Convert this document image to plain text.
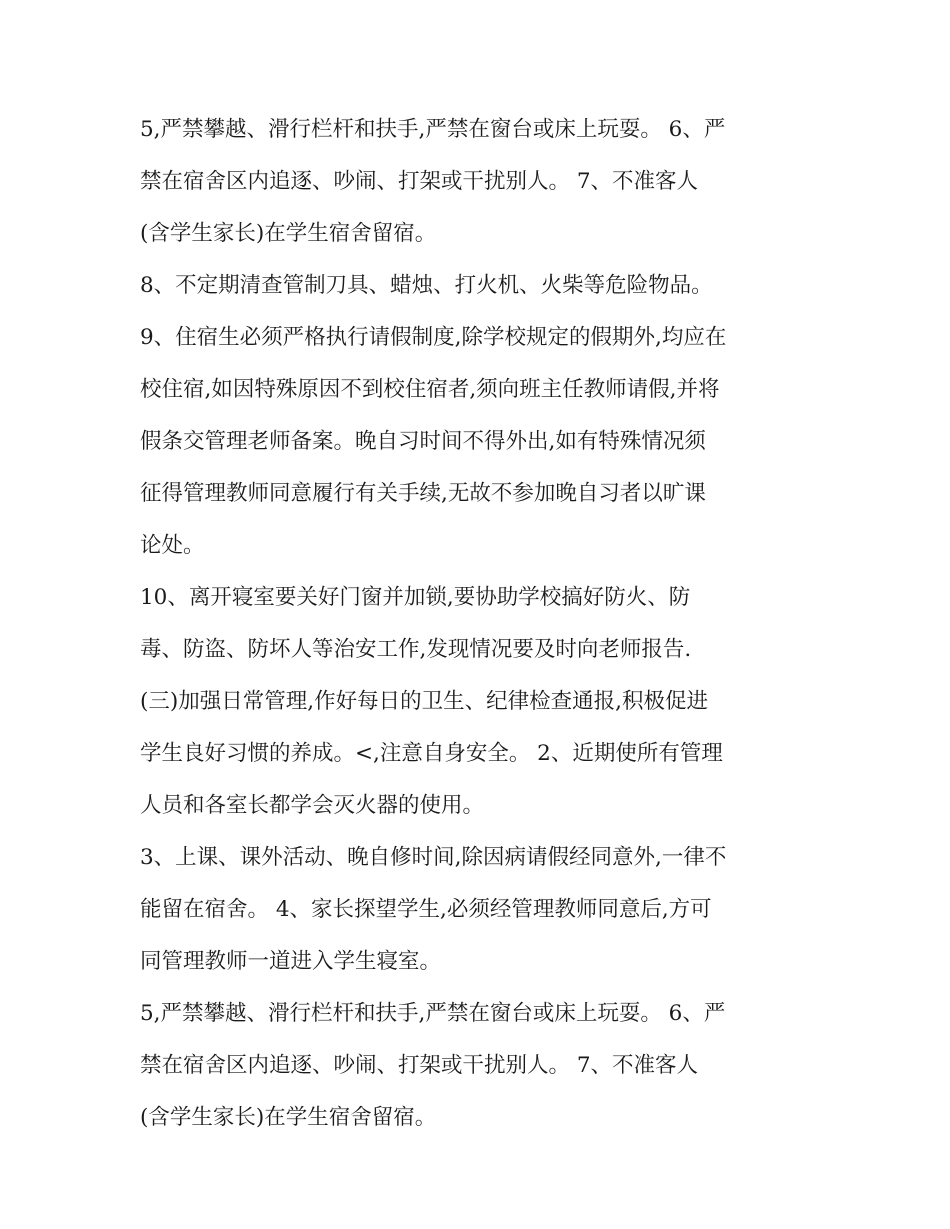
5,严禁攀越、滑行栏杆和扶手,严禁在窗台或床上玩耍。 6、严
禁在宿舍区内追逐、吵闹、打架或干扰别人。 7、不准客人
(含学生家长)在学生宿舍留宿。
8、不定期清查管制刀具、蜡烛、打火机、火柴等危险物品。
9、住宿生必须严格执行请假制度,除学校规定的假期外,均应在
校住宿,如因特殊原因不到校住宿者,须向班主任教师请假,并将
假条交管理老师备案。晚自习时间不得外出,如有特殊情况须
征得管理教师同意履行有关手续,无故不参加晚自习者以旷课
论处。
10、离开寝室要关好门窗并加锁,要协助学校搞好防火、防
毒、防盗、防坏人等治安工作,发现情况要及时向老师报告.
(三)加强日常管理,作好每日的卫生、纪律检查通报,积极促进
学生良好习惯的养成。<,注意自身安全。 2、近期使所有管理
人员和各室长都学会灭火器的使用。
3、上课、课外活动、晚自修时间,除因病请假经同意外,一律不
能留在宿舍。 4、家长探望学生,必须经管理教师同意后,方可
同管理教师一道进入学生寝室。
5,严禁攀越、滑行栏杆和扶手,严禁在窗台或床上玩耍。 6、严
禁在宿舍区内追逐、吵闹、打架或干扰别人。 7、不准客人
(含学生家长)在学生宿舍留宿。
